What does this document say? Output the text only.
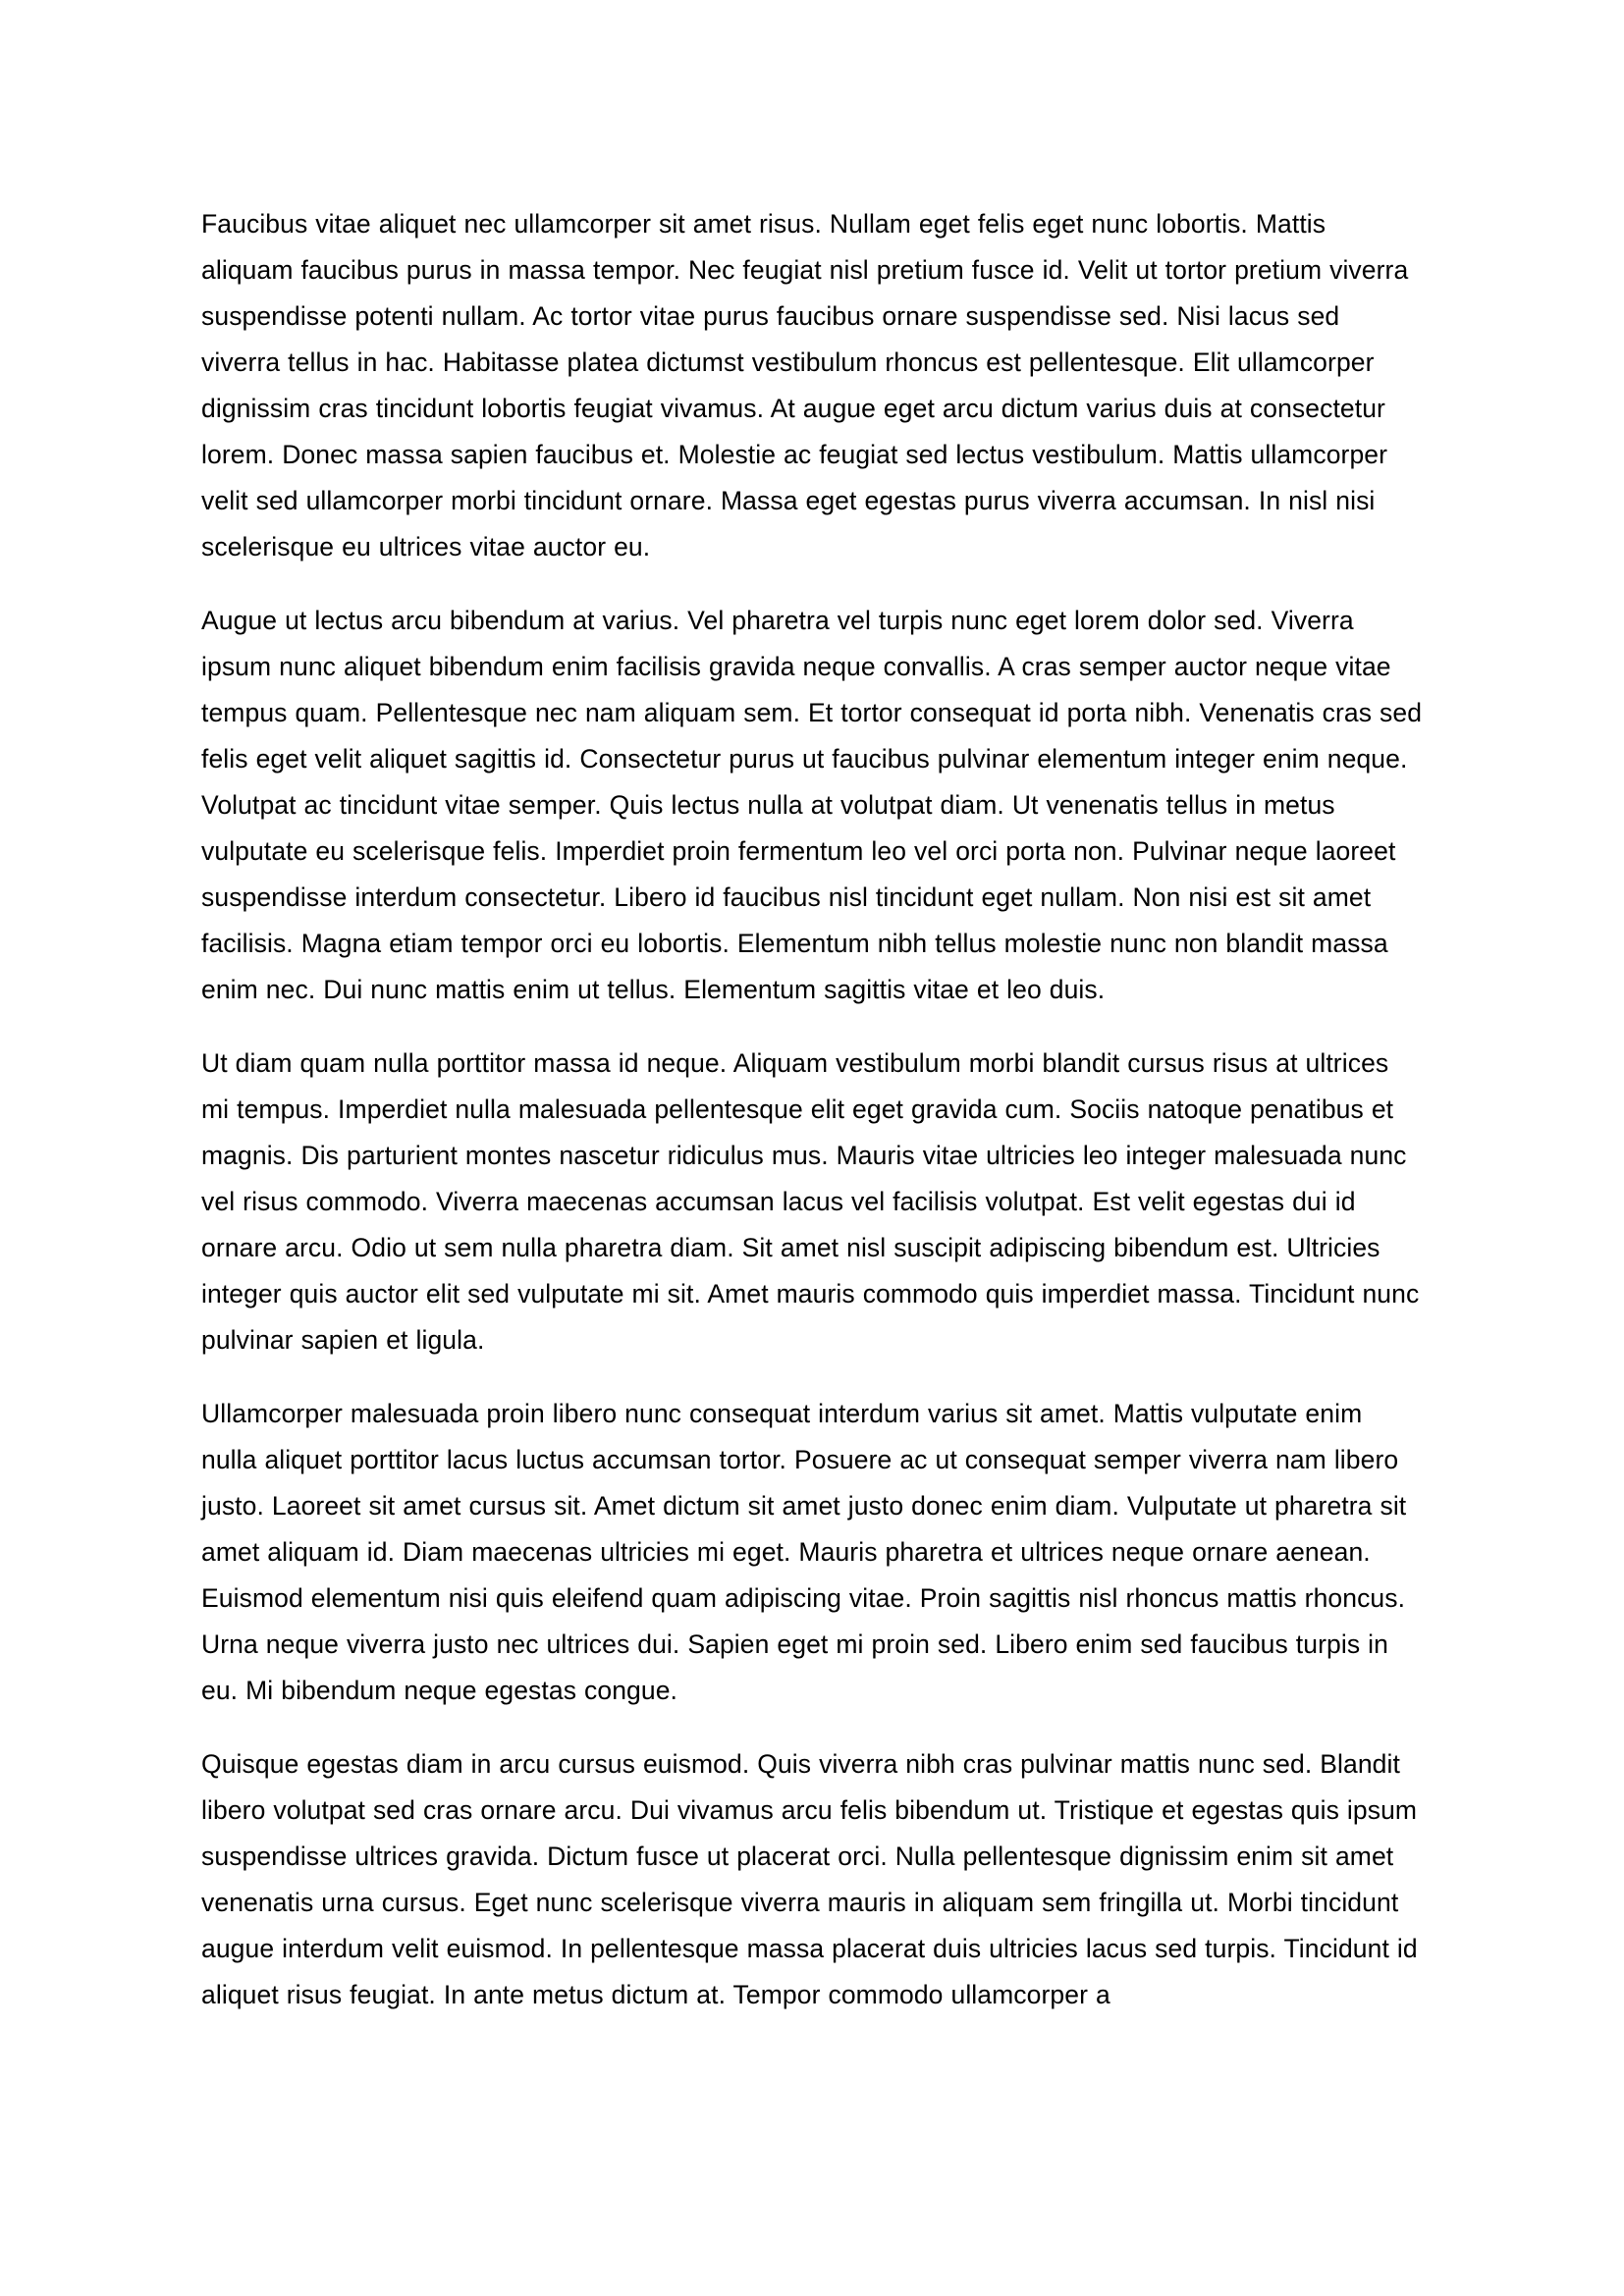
Faucibus vitae aliquet nec ullamcorper sit amet risus. Nullam eget felis eget nunc lobortis. Mattis aliquam faucibus purus in massa tempor. Nec feugiat nisl pretium fusce id. Velit ut tortor pretium viverra suspendisse potenti nullam. Ac tortor vitae purus faucibus ornare suspendisse sed. Nisi lacus sed viverra tellus in hac. Habitasse platea dictumst vestibulum rhoncus est pellentesque. Elit ullamcorper dignissim cras tincidunt lobortis feugiat vivamus. At augue eget arcu dictum varius duis at consectetur lorem. Donec massa sapien faucibus et. Molestie ac feugiat sed lectus vestibulum. Mattis ullamcorper velit sed ullamcorper morbi tincidunt ornare. Massa eget egestas purus viverra accumsan. In nisl nisi scelerisque eu ultrices vitae auctor eu.

Augue ut lectus arcu bibendum at varius. Vel pharetra vel turpis nunc eget lorem dolor sed. Viverra ipsum nunc aliquet bibendum enim facilisis gravida neque convallis. A cras semper auctor neque vitae tempus quam. Pellentesque nec nam aliquam sem. Et tortor consequat id porta nibh. Venenatis cras sed felis eget velit aliquet sagittis id. Consectetur purus ut faucibus pulvinar elementum integer enim neque. Volutpat ac tincidunt vitae semper. Quis lectus nulla at volutpat diam. Ut venenatis tellus in metus vulputate eu scelerisque felis. Imperdiet proin fermentum leo vel orci porta non. Pulvinar neque laoreet suspendisse interdum consectetur. Libero id faucibus nisl tincidunt eget nullam. Non nisi est sit amet facilisis. Magna etiam tempor orci eu lobortis. Elementum nibh tellus molestie nunc non blandit massa enim nec. Dui nunc mattis enim ut tellus. Elementum sagittis vitae et leo duis.

Ut diam quam nulla porttitor massa id neque. Aliquam vestibulum morbi blandit cursus risus at ultrices mi tempus. Imperdiet nulla malesuada pellentesque elit eget gravida cum. Sociis natoque penatibus et magnis. Dis parturient montes nascetur ridiculus mus. Mauris vitae ultricies leo integer malesuada nunc vel risus commodo. Viverra maecenas accumsan lacus vel facilisis volutpat. Est velit egestas dui id ornare arcu. Odio ut sem nulla pharetra diam. Sit amet nisl suscipit adipiscing bibendum est. Ultricies integer quis auctor elit sed vulputate mi sit. Amet mauris commodo quis imperdiet massa. Tincidunt nunc pulvinar sapien et ligula.

Ullamcorper malesuada proin libero nunc consequat interdum varius sit amet. Mattis vulputate enim nulla aliquet porttitor lacus luctus accumsan tortor. Posuere ac ut consequat semper viverra nam libero justo. Laoreet sit amet cursus sit. Amet dictum sit amet justo donec enim diam. Vulputate ut pharetra sit amet aliquam id. Diam maecenas ultricies mi eget. Mauris pharetra et ultrices neque ornare aenean. Euismod elementum nisi quis eleifend quam adipiscing vitae. Proin sagittis nisl rhoncus mattis rhoncus. Urna neque viverra justo nec ultrices dui. Sapien eget mi proin sed. Libero enim sed faucibus turpis in eu. Mi bibendum neque egestas congue.

Quisque egestas diam in arcu cursus euismod. Quis viverra nibh cras pulvinar mattis nunc sed. Blandit libero volutpat sed cras ornare arcu. Dui vivamus arcu felis bibendum ut. Tristique et egestas quis ipsum suspendisse ultrices gravida. Dictum fusce ut placerat orci. Nulla pellentesque dignissim enim sit amet venenatis urna cursus. Eget nunc scelerisque viverra mauris in aliquam sem fringilla ut. Morbi tincidunt augue interdum velit euismod. In pellentesque massa placerat duis ultricies lacus sed turpis. Tincidunt id aliquet risus feugiat. In ante metus dictum at. Tempor commodo ullamcorper a
